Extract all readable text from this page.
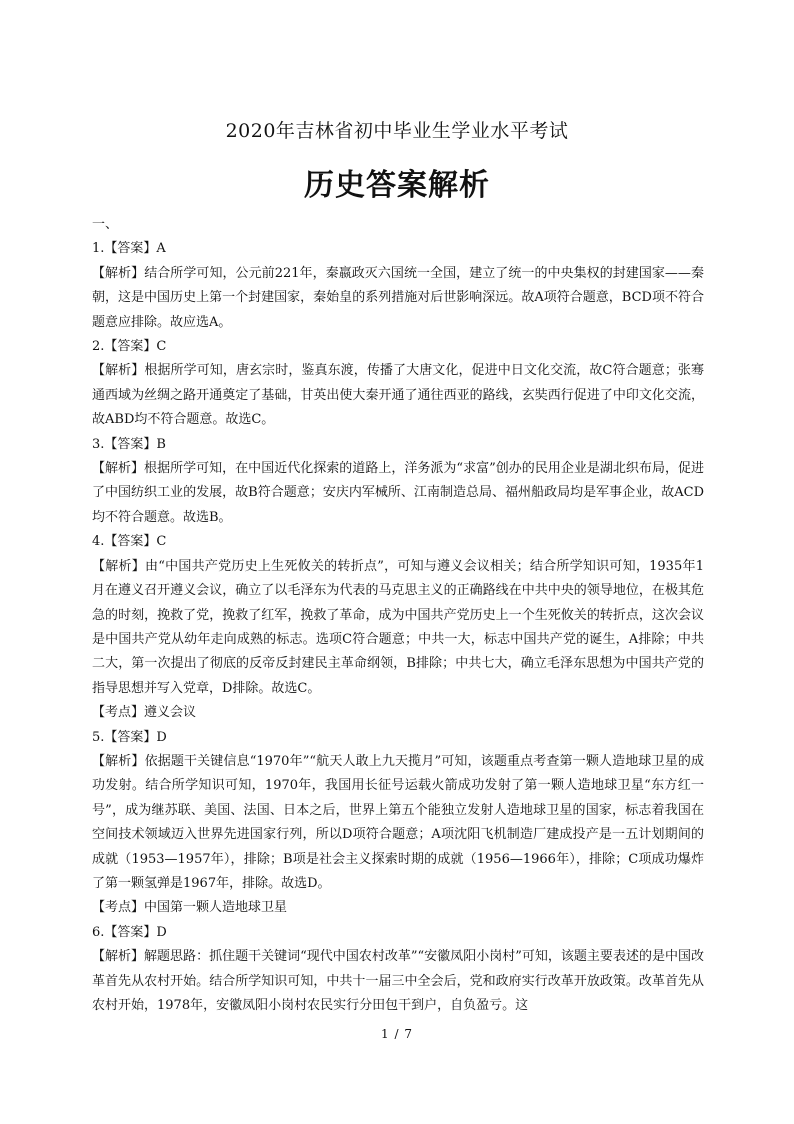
2020年吉林省初中毕业生学业水平考试
历史答案解析

一、

1.【答案】A

【解析】结合所学可知，公元前221年，秦嬴政灭六国统一全国，建立了统一的中央集权的封建国家——秦朝，这是中国历史上第一个封建国家，秦始皇的系列措施对后世影响深远。故A项符合题意，BCD项不符合题意应排除。故应选A。

2.【答案】C

【解析】根据所学可知，唐玄宗时，鉴真东渡，传播了大唐文化，促进中日文化交流，故C符合题意；张骞通西域为丝绸之路开通奠定了基础，甘英出使大秦开通了通往西亚的路线，玄奘西行促进了中印文化交流，故ABD均不符合题意。故选C。

3.【答案】B

【解析】根据所学可知，在中国近代化探索的道路上，洋务派为“求富”创办的民用企业是湖北织布局，促进了中国纺织工业的发展，故B符合题意；安庆内军械所、江南制造总局、福州船政局均是军事企业，故ACD均不符合题意。故选B。

4.【答案】C

【解析】由“中国共产党历史上生死攸关的转折点”，可知与遵义会议相关；结合所学知识可知，1935年1月在遵义召开遵义会议，确立了以毛泽东为代表的马克思主义的正确路线在中共中央的领导地位，在极其危急的时刻，挽救了党，挽救了红军，挽救了革命，成为中国共产党历史上一个生死攸关的转折点，这次会议是中国共产党从幼年走向成熟的标志。选项C符合题意；中共一大，标志中国共产党的诞生，A排除；中共二大，第一次提出了彻底的反帝反封建民主革命纲领，B排除；中共七大，确立毛泽东思想为中国共产党的指导思想并写入党章，D排除。故选C。

【考点】遵义会议

5.【答案】D

【解析】依据题干关键信息“1970年”“航天人敢上九天揽月”可知，该题重点考查第一颗人造地球卫星的成功发射。结合所学知识可知，1970年，我国用长征号运载火箭成功发射了第一颗人造地球卫星“东方红一号”，成为继苏联、美国、法国、日本之后，世界上第五个能独立发射人造地球卫星的国家，标志着我国在空间技术领域迈入世界先进国家行列，所以D项符合题意；A项沈阳飞机制造厂建成投产是一五计划期间的成就（1953—1957年），排除；B项是社会主义探索时期的成就（1956—1966年），排除；C项成功爆炸了第一颗氢弹是1967年，排除。故选D。

【考点】中国第一颗人造地球卫星

6.【答案】D

【解析】解题思路：抓住题干关键词“现代中国农村改革”“安徽凤阳小岗村”可知，该题主要表述的是中国改革首先从农村开始。结合所学知识可知，中共十一届三中全会后，党和政府实行改革开放政策。改革首先从农村开始，1978年，安徽凤阳小岗村农民实行分田包干到户，自负盈亏。这

1 / 7
